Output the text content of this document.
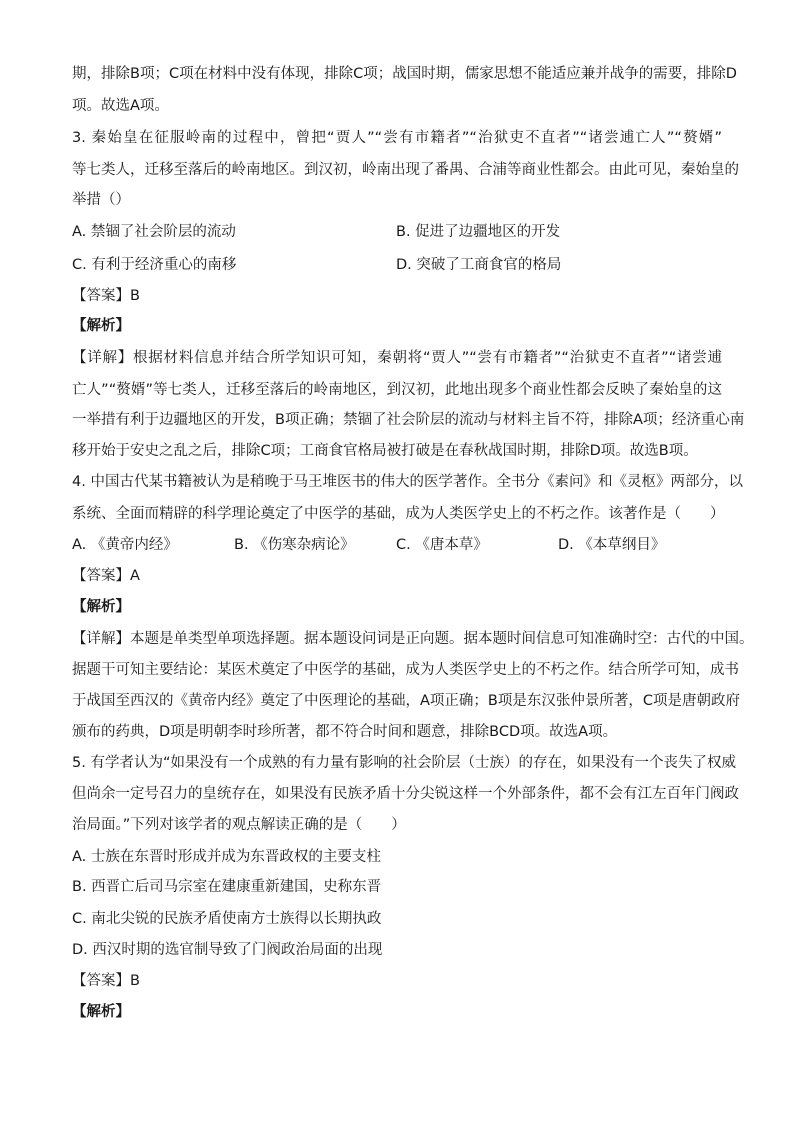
期，排除B项；C项在材料中没有体现，排除C项；战国时期，儒家思想不能适应兼并战争的需要，排除D
项。故选A项。
3. 秦始皇在征服岭南的过程中，曾把“贾人”“尝有市籍者”“治狱吏不直者”“诸尝逋亡人”“赘婿”
等七类人，迁移至落后的岭南地区。到汉初，岭南出现了番禺、合浦等商业性都会。由此可见，秦始皇的
举措（）
A. 禁锢了社会阶层的流动	B. 促进了边疆地区的开发
C. 有利于经济重心的南移	D. 突破了工商食官的格局
【答案】B
【解析】
【详解】根据材料信息并结合所学知识可知，秦朝将“贾人”“尝有市籍者”“治狱吏不直者”“诸尝逋
亡人”“赘婿”等七类人，迁移至落后的岭南地区，到汉初，此地出现多个商业性都会反映了秦始皇的这
一举措有利于边疆地区的开发，B项正确；禁锢了社会阶层的流动与材料主旨不符，排除A项；经济重心南
移开始于安史之乱之后，排除C项；工商食官格局被打破是在春秋战国时期，排除D项。故选B项。
4. 中国古代某书籍被认为是稍晚于马王堆医书的伟大的医学著作。全书分《素问》和《灵枢》两部分，以
系统、全面而精辟的科学理论奠定了中医学的基础，成为人类医学史上的不朽之作。该著作是（　　）
A. 《黄帝内经》	B. 《伤寒杂病论》	C. 《唐本草》	D. 《本草纲目》
【答案】A
【解析】
【详解】本题是单类型单项选择题。据本题设问词是正向题。据本题时间信息可知准确时空：古代的中国。
据题干可知主要结论：某医术奠定了中医学的基础，成为人类医学史上的不朽之作。结合所学可知，成书
于战国至西汉的《黄帝内经》奠定了中医理论的基础，A项正确；B项是东汉张仲景所著，C项是唐朝政府
颁布的药典，D项是明朝李时珍所著，都不符合时间和题意，排除BCD项。故选A项。
5. 有学者认为“如果没有一个成熟的有力量有影响的社会阶层（士族）的存在，如果没有一个丧失了权威
但尚余一定号召力的皇统存在，如果没有民族矛盾十分尖锐这样一个外部条件，都不会有江左百年门阀政
治局面。”下列对该学者的观点解读正确的是（　　）
A. 士族在东晋时形成并成为东晋政权的主要支柱
B. 西晋亡后司马宗室在建康重新建国，史称东晋
C. 南北尖锐的民族矛盾使南方士族得以长期执政
D. 西汉时期的选官制导致了门阀政治局面的出现
【答案】B
【解析】
